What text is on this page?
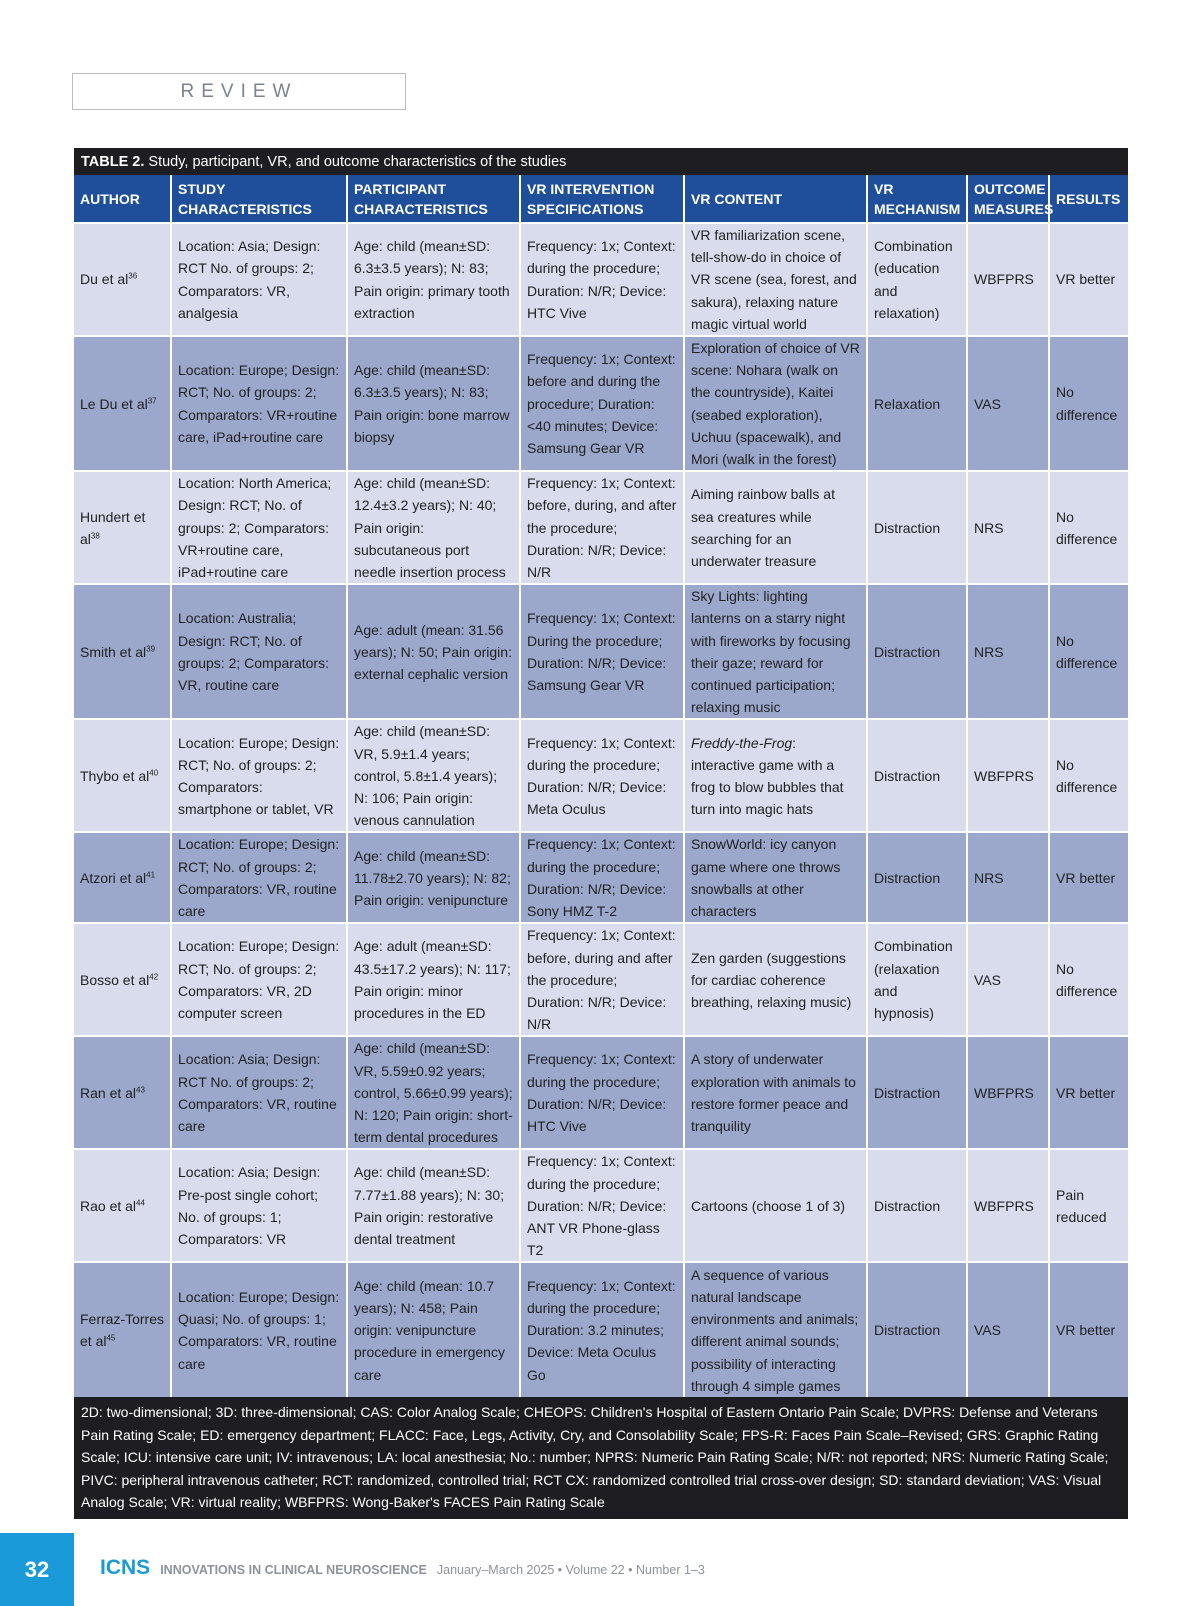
REVIEW
TABLE 2. Study, participant, VR, and outcome characteristics of the studies
AUTHOR	STUDY CHARACTERISTICS	PARTICIPANT CHARACTERISTICS	VR INTERVENTION SPECIFICATIONS	VR CONTENT	VR MECHANISM	OUTCOME MEASURES	RESULTS
Du et $al^{36}$	Location: Asia; Design: RCT No. of groups: 2; Comparators: VR, analgesia	Age: child (mean±SD: 6.3±3.5 years); N: 83; Pain origin: primary tooth extraction	Frequency: 1x; Context: during the procedure; Duration: N/R; Device: HTC Vive	VR familiarization scene, tell-show-do in choice of VR scene (sea, forest, and sakura), relaxing nature magic virtual world	Combination (education and relaxation)	WBFPRS	VR better
Le Du et $al^{37}$	Location: Europe; Design: RCT; No. of groups: 2; Comparators: VR+routine care, iPad+routine care	Age: child (mean±SD: 6.3±3.5 years); N: 83; Pain origin: bone marrow biopsy	Frequency: 1x; Context: before and during the procedure; Duration: <40 minutes; Device: Samsung Gear VR	Exploration of choice of VR scene: Nohara (walk on the countryside), Kaitei (seabed exploration), Uchuu (spacewalk), and Mori (walk in the forest)	Relaxation	VAS	No difference
Hundert et $al^{38}$	Location: North America; Design: RCT; No. of groups: 2; Comparators: VR+routine care, iPad+routine care	Age: child (mean±SD: 12.4±3.2 years); N: 40; Pain origin: subcutaneous port needle insertion process	Frequency: 1x; Context: before, during, and after the procedure; Duration: N/R; Device: N/R	Aiming rainbow balls at sea creatures while searching for an underwater treasure	Distraction	NRS	No difference
Smith et $al^{39}$	Location: Australia; Design: RCT; No. of groups: 2; Comparators: VR, routine care	Age: adult (mean: 31.56 years); N: 50; Pain origin: external cephalic version	Frequency: 1x; Context: During the procedure; Duration: N/R; Device: Samsung Gear VR	Sky Lights: lighting lanterns on a starry night with fireworks by focusing their gaze; reward for continued participation; relaxing music	Distraction	NRS	No difference
Thybo et $al^{40}$	Location: Europe; Design: RCT; No. of groups: 2; Comparators: smartphone or tablet, VR	Age: child (mean±SD: VR, 5.9±1.4 years; control, 5.8±1.4 years); N: 106; Pain origin: venous cannulation	Frequency: 1x; Context: during the procedure; Duration: N/R; Device: Meta Oculus	Freddy-the-Frog: interactive game with a frog to blow bubbles that turn into magic hats	Distraction	WBFPRS	No difference
Atzori et $al^{41}$	Location: Europe; Design: RCT; No. of groups: 2; Comparators: VR, routine care	Age: child (mean±SD: 11.78±2.70 years); N: 82; Pain origin: venipuncture	Frequency: 1x; Context: during the procedure; Duration: N/R; Device: Sony HMZ T-2	SnowWorld: icy canyon game where one throws snowballs at other characters	Distraction	NRS	VR better
Bosso et $al^{42}$	Location: Europe; Design: RCT; No. of groups: 2; Comparators: VR, 2D computer screen	Age: adult (mean±SD: 43.5±17.2 years); N: 117; Pain origin: minor procedures in the ED	Frequency: 1x; Context: before, during and after the procedure; Duration: N/R; Device: N/R	Zen garden (suggestions for cardiac coherence breathing, relaxing music)	Combination (relaxation and hypnosis)	VAS	No difference
Ran et $al^{43}$	Location: Asia; Design: RCT No. of groups: 2; Comparators: VR, routine care	Age: child (mean±SD: VR, 5.59±0.92 years; control, 5.66±0.99 years); N: 120; Pain origin: short-term dental procedures	Frequency: 1x; Context: during the procedure; Duration: N/R; Device: HTC Vive	A story of underwater exploration with animals to restore former peace and tranquility	Distraction	WBFPRS	VR better
Rao et $al^{44}$	Location: Asia; Design: Pre-post single cohort; No. of groups: 1; Comparators: VR	Age: child (mean±SD: 7.77±1.88 years); N: 30; Pain origin: restorative dental treatment	Frequency: 1x; Context: during the procedure; Duration: N/R; Device: ANT VR Phone-glass T2	Cartoons (choose 1 of 3)	Distraction	WBFPRS	Pain reduced
Ferraz-Torres et $al^{45}$	Location: Europe; Design: Quasi; No. of groups: 1; Comparators: VR, routine care	Age: child (mean: 10.7 years); N: 458; Pain origin: venipuncture procedure in emergency care	Frequency: 1x; Context: during the procedure; Duration: 3.2 minutes; Device: Meta Oculus Go	A sequence of various natural landscape environments and animals; different animal sounds; possibility of interacting through 4 simple games	Distraction	VAS	VR better
2D: two-dimensional; 3D: three-dimensional; CAS: Color Analog Scale; CHEOPS: Children's Hospital of Eastern Ontario Pain Scale; DVPRS: Defense and Veterans Pain Rating Scale; ED: emergency department; FLACC: Face, Legs, Activity, Cry, and Consolability Scale; FPS-R: Faces Pain Scale–Revised; GRS: Graphic Rating Scale; ICU: intensive care unit; IV: intravenous; LA: local anesthesia; No.: number; NPRS: Numeric Pain Rating Scale; N/R: not reported; NRS: Numeric Rating Scale; PIVC: peripheral intravenous catheter; RCT: randomized, controlled trial; RCT CX: randomized controlled trial cross-over design; SD: standard deviation; VAS: Visual Analog Scale; VR: virtual reality; WBFPRS: Wong-Baker's FACES Pain Rating Scale
32	ICNS INNOVATIONS IN CLINICAL NEUROSCIENCE January–March 2025 • Volume 22 • Number 1–3
